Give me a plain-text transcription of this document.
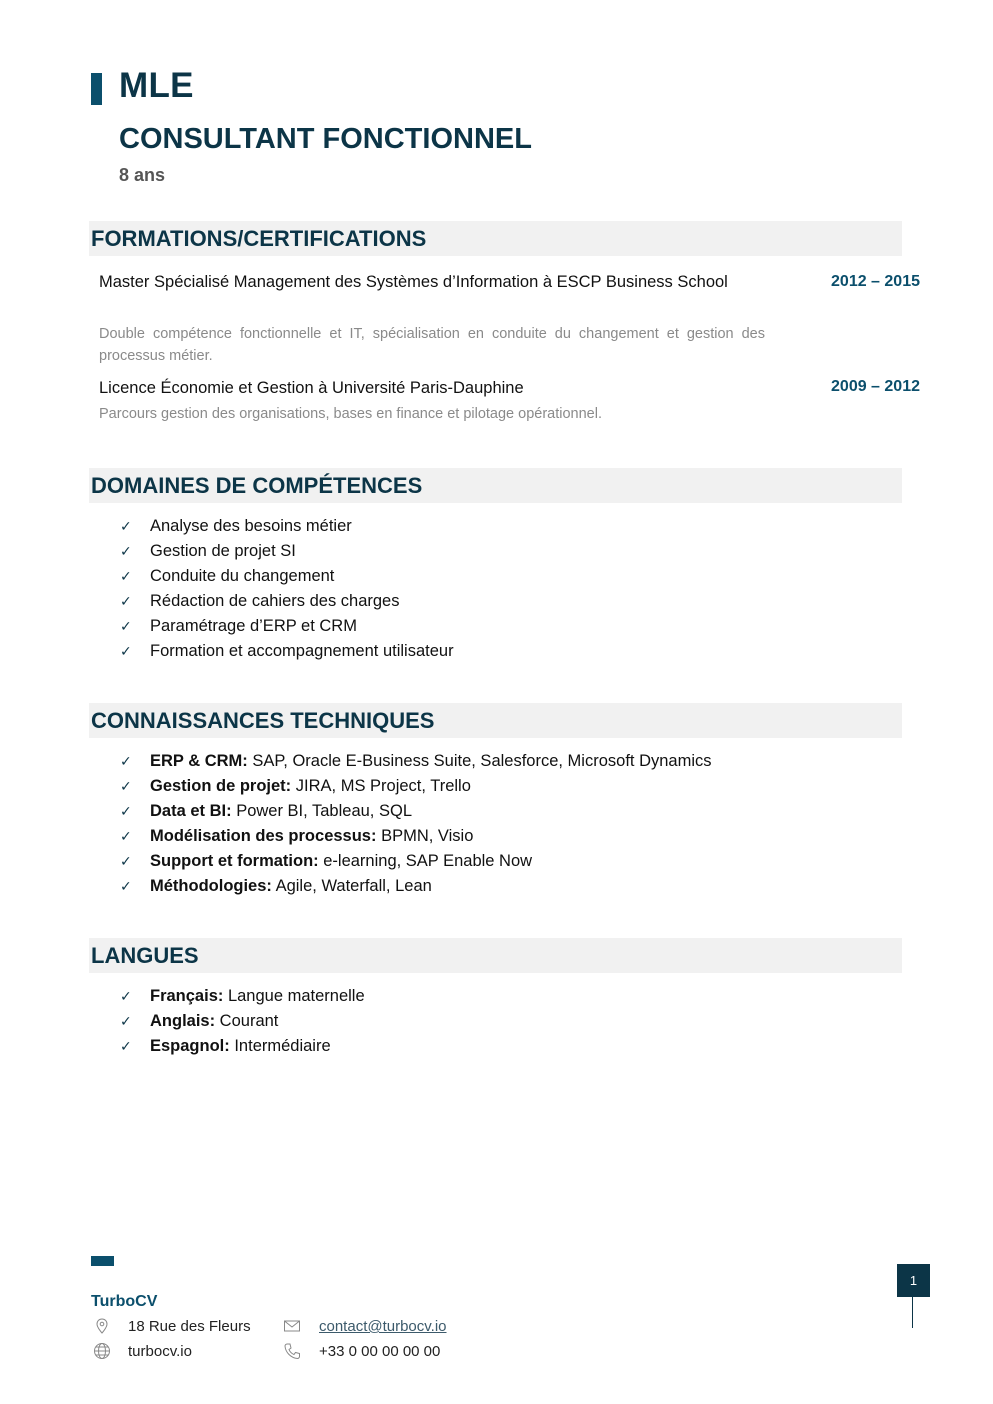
MLE
CONSULTANT FONCTIONNEL
8 ans
FORMATIONS/CERTIFICATIONS
Master Spécialisé Management des Systèmes d’Information à ESCP Business School	2012 – 2015
Double compétence fonctionnelle et IT, spécialisation en conduite du changement et gestion des processus métier.
Licence Économie et Gestion à Université Paris-Dauphine	2009 – 2012
Parcours gestion des organisations, bases en finance et pilotage opérationnel.
DOMAINES DE COMPÉTENCES
✓ Analyse des besoins métier
✓ Gestion de projet SI
✓ Conduite du changement
✓ Rédaction de cahiers des charges
✓ Paramétrage d’ERP et CRM
✓ Formation et accompagnement utilisateur
CONNAISSANCES TECHNIQUES
✓ ERP & CRM: SAP, Oracle E-Business Suite, Salesforce, Microsoft Dynamics
✓ Gestion de projet: JIRA, MS Project, Trello
✓ Data et BI: Power BI, Tableau, SQL
✓ Modélisation des processus: BPMN, Visio
✓ Support et formation: e-learning, SAP Enable Now
✓ Méthodologies: Agile, Waterfall, Lean
LANGUES
✓ Français: Langue maternelle
✓ Anglais: Courant
✓ Espagnol: Intermédiaire
TurboCV
18 Rue des Fleurs	contact@turbocv.io
turbocv.io	+33 0 00 00 00 00
1
